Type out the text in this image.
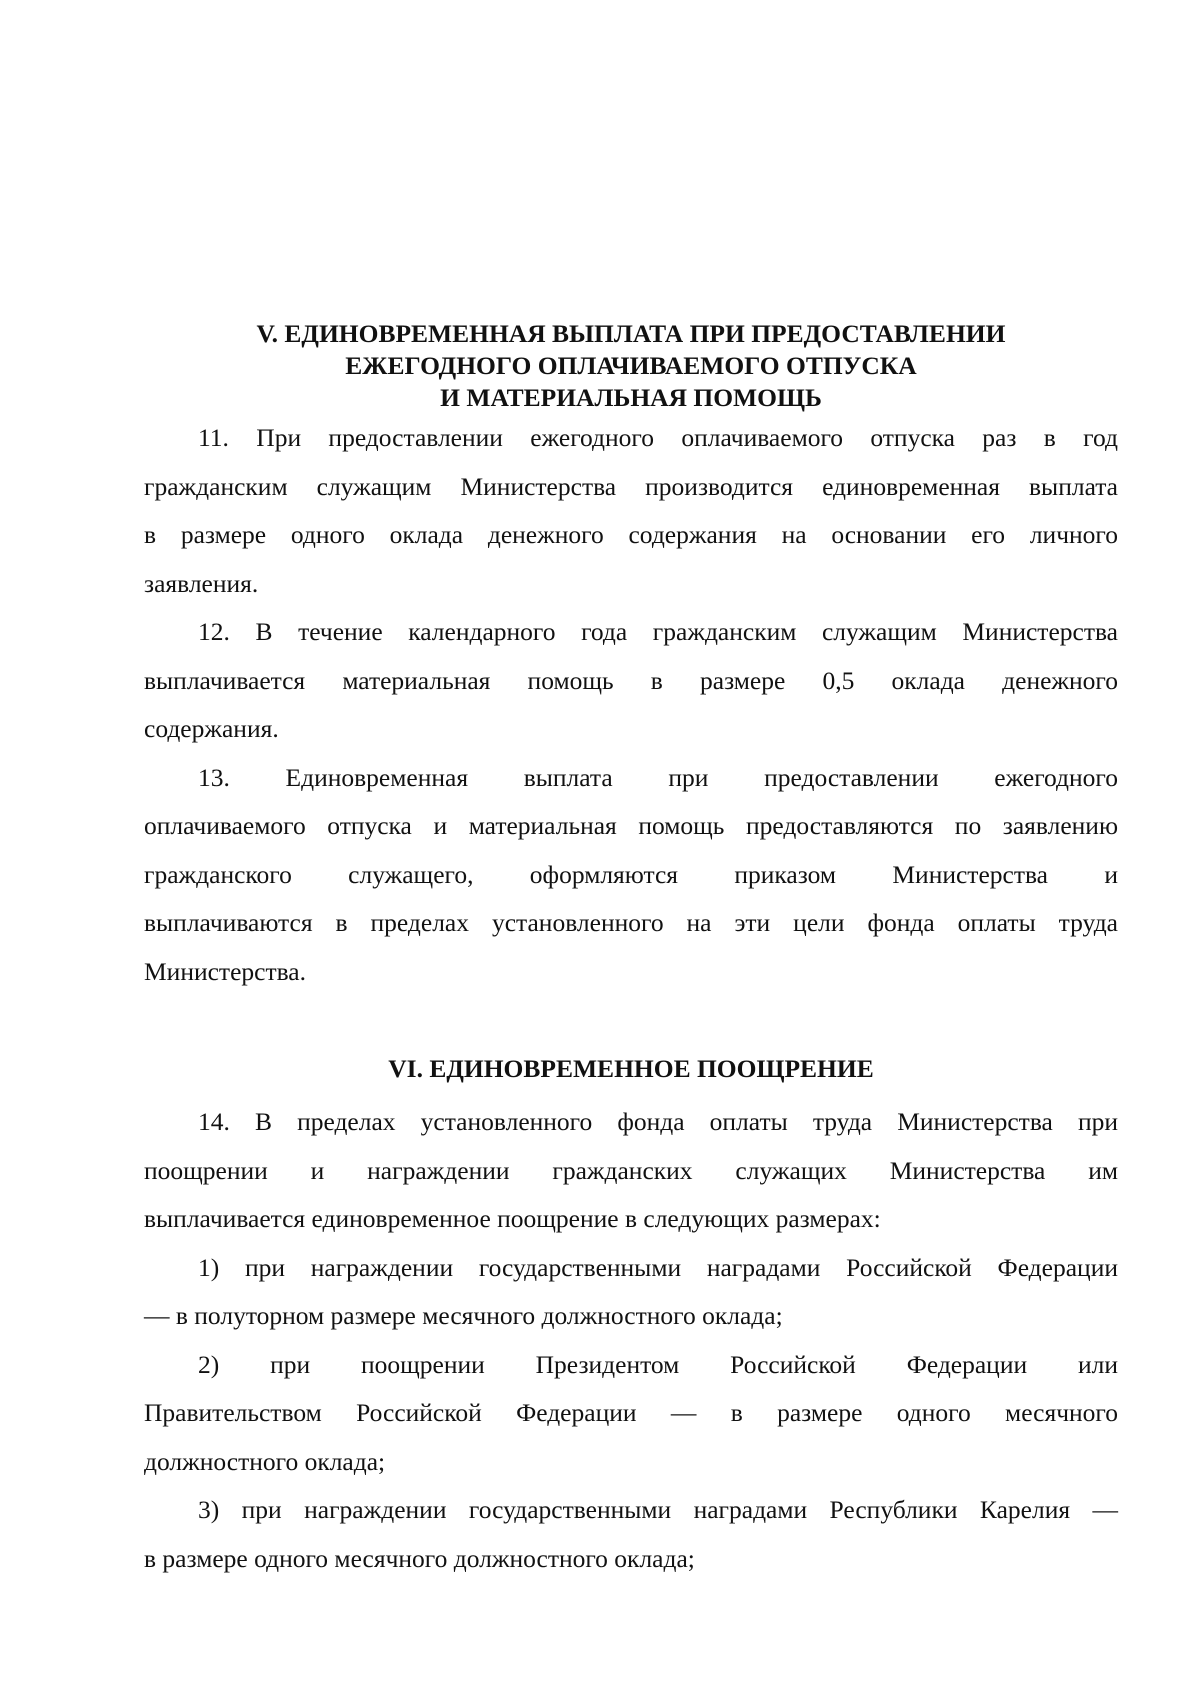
V. ЕДИНОВРЕМЕННАЯ ВЫПЛАТА ПРИ ПРЕДОСТАВЛЕНИИ
ЕЖЕГОДНОГО ОПЛАЧИВАЕМОГО ОТПУСКА
И МАТЕРИАЛЬНАЯ ПОМОЩЬ

11. При предоставлении ежегодного оплачиваемого отпуска раз в год
гражданским служащим Министерства производится единовременная выплата
в размере одного оклада денежного содержания на основании его личного
заявления.

12. В течение календарного года гражданским служащим Министерства
выплачивается материальная помощь в размере 0,5 оклада денежного
содержания.

13. Единовременная выплата при предоставлении ежегодного
оплачиваемого отпуска и материальная помощь предоставляются по заявлению
гражданского служащего, оформляются приказом Министерства и
выплачиваются в пределах установленного на эти цели фонда оплаты труда
Министерства.

VI. ЕДИНОВРЕМЕННОЕ ПООЩРЕНИЕ

14. В пределах установленного фонда оплаты труда Министерства при
поощрении и награждении гражданских служащих Министерства им
выплачивается единовременное поощрение в следующих размерах:

1) при награждении государственными наградами Российской Федерации
— в полуторном размере месячного должностного оклада;

2) при поощрении Президентом Российской Федерации или
Правительством Российской Федерации — в размере одного месячного
должностного оклада;

3) при награждении государственными наградами Республики Карелия —
в размере одного месячного должностного оклада;
